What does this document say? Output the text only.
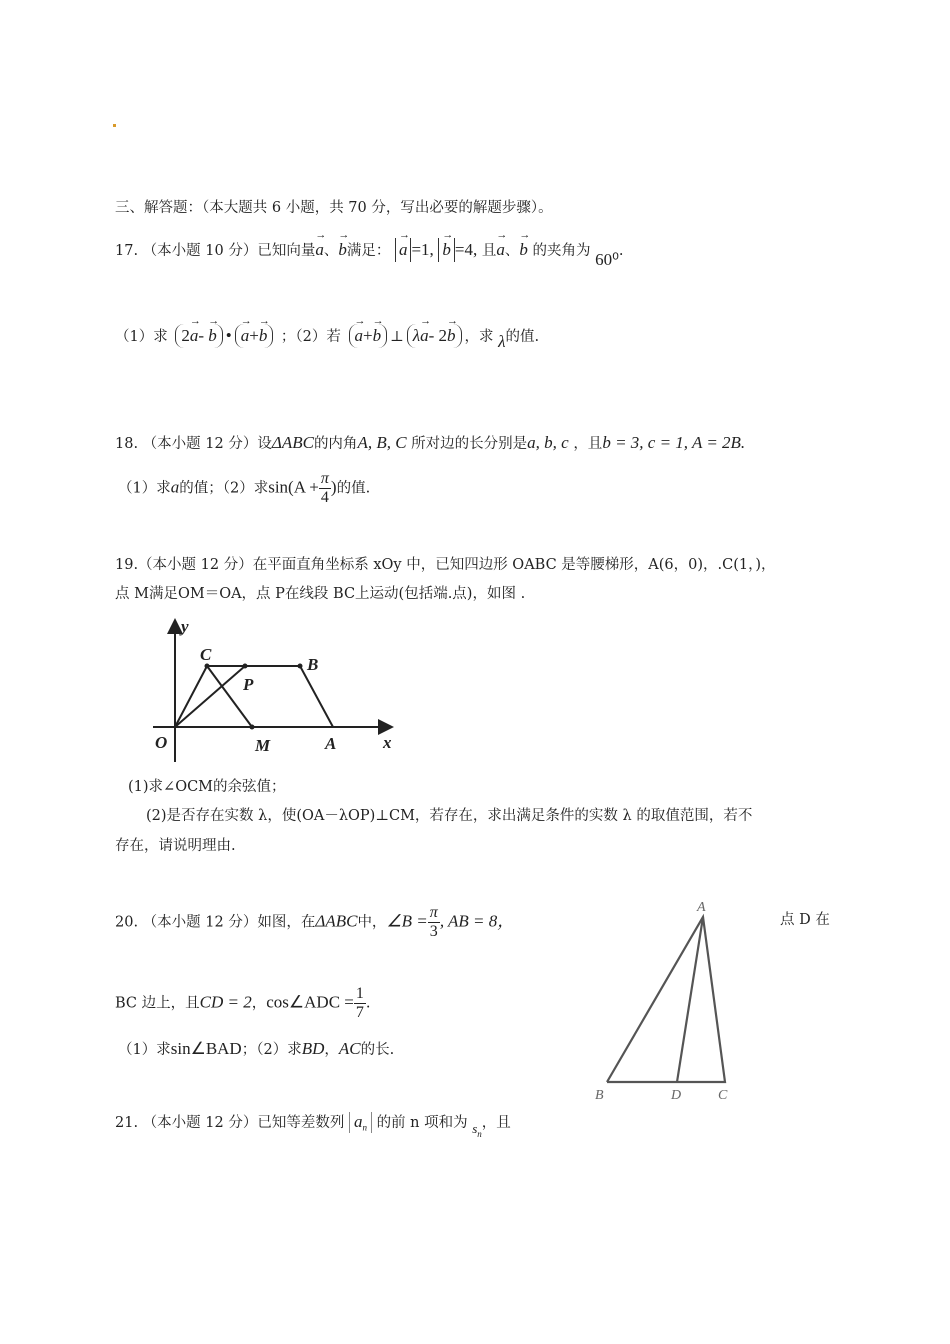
三、解答题：（本大题共 6 小题，共 70 分，写出必要的解题步骤）。
17. （本小题 10 分）已知向量→ a、→ b满足： → a =1, → b =4, 且→ a、→ b 的夹角为 60⁰.
（1）求 2→ a- → b • → a+→ b ；（2）若 → a+→ b ⊥ λ→ a- 2→ b ，求 λ的值.
18. （本小题 12 分）设ΔABC的内角A, B, C 所对边的长分别是a, b, c ，且b = 3, c = 1, A = 2B.
（1）求a的值；（2）求$\sin(A + \frac{\pi}{4}$ )的值.
19.（本小题 12 分）在平面直角坐标系 xOy 中，已知四边形 OABC 是等腰梯形，A(6，0)，.C(1，)，
点 M满足OM＝OA，点 P在线段 BC上运动(包括端.点)，如图 .
y
x
O
C
P
B
M	A
(1)求∠OCM的余弦值；
(2)是否存在实数 λ，使(OA－λOP)⊥CM，若存在，求出满足条件的实数 λ 的取值范围，若不
存在，请说明理由.
20. （本小题 12 分）如图，在ΔABC中，∠B = $\frac{\pi}{3}$ , AB = 8，	点 D 在
BC 边上，且CD = 2，cos∠ADC = $\frac{1}{7}$ .
（1）求sin∠BAD；（2）求BD，AC的长.
A
B	D	C
21. （本小题 12 分）已知等差数列 $a_n$ 的前 n 项和为 $s_n$，且
